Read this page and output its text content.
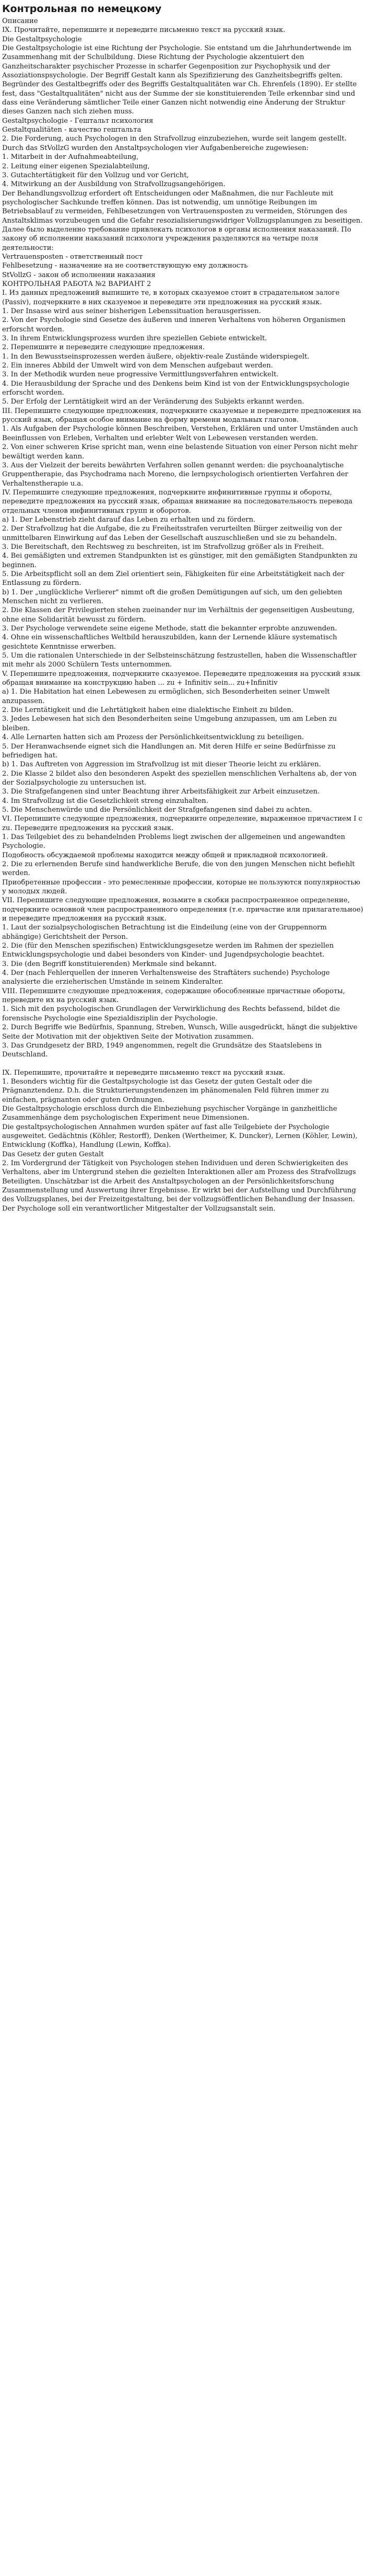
Контрольная по немецкому

Описание

IX. Прочитайте, перепишите и переведите письменно текст на русский язык.

Die Gestaltpsychologie

Die Gestaltpsychologie ist eine Richtung der Psychologie. Sie entstand um die Jahrhundertwende im Zusammenhang mit der Schulbildung. Diese Richtung der Psychologie akzentuiert den Ganzheitscharakter psychischer Prozesse in scharfer Gegenposition zur Psychophysik und der Assoziationspsychologie. Der Begriff Gestalt kann als Spezifizierung des Ganzheitsbegriffs gelten.

Begründer des Gestaltbegriffs oder des Begriffs Gestaltqualitäten war Ch. Ehrenfels (1890). Er stellte fest, dass "Gestaltqualitäten" nicht aus der Summe der sie konstituierenden Teile erkennbar sind und dass eine Veränderung sämtlicher Teile einer Ganzen nicht notwendig eine Änderung der Struktur dieses Ganzen nach sich ziehen muss.

Gestaltpsychologie - Гештальт психология

Gestaltqualitäten - качество гештальта

2. Die Forderung, auch Psychologen in den Strafvollzug einzubeziehen, wurde seit langem gestellt. Durch das StVollzG wurden den Anstaltpsychologen vier Aufgabenbereiche zugewiesen:

1. Mitarbeit in der Aufnahmeabteilung,

2. Leitung einer eigenen Spezialabteilung,

3. Gutachtertätigkeit für den Vollzug und vor Gericht,

4. Mitwirkung an der Ausbildung von Strafvollzugsangehörigen.

Der Behandlungsvollzug erfordert oft Entscheidungen oder Maßnahmen, die nur Fachleute mit psychologischer Sachkunde treffen können. Das ist notwendig, um unnötige Reibungen im Betriebsablauf zu vermeiden, Fehlbesetzungen von Vertrauensposten zu vermeiden, Störungen des Anstaltsklimas vorzubeugen und die Gefahr resozialisierungswidriger Vollzugsplanungen zu beseitigen. Далее было выделенно требование привлекать психологов в органы исполнения наказаний. По закону об исполнении наказаний психологи учреждения разделяются на четыре поля деятельности:

Vertrauensposten - ответственный пост

Fehlbesetzung - назначение на не соответствующую ему должность

StVollzG - закон об исполнении наказания

КОНТРОЛЬНАЯ РАБОТА №2 ВАРИАНТ 2

I. Из данных предложений выпишите те, в которых сказуемое стоит в страдательном залоге (Passiv), подчеркните в них сказуемое и переведите эти предложения на русский язык.

1. Der Insasse wird aus seiner bisherigen Lebenssituation herausgerissen.

2. Von der Psychologie sind Gesetze des äußeren und inneren Verhaltens von höheren Organismen erforscht worden.

3. In ihrem Entwicklungsprozess wurden ihre speziellen Gebiete entwickelt.

2. Перепишите и переведите следующие предложения.

1. In den Bewusstseinsprozessen werden äußere, objektiv-reale Zustände widerspiegelt.

2. Ein inneres Abbild der Umwelt wird von dem Menschen aufgebaut werden.

3. In der Methodik wurden neue progressive Vermittlungsverfahren entwickelt.

4. Die Herausbildung der Sprache und des Denkens beim Kind ist von der Entwicklungspsychologie erforscht worden.

5. Der Erfolg der Lerntätigkeit wird an der Veränderung des Subjekts erkannt werden.

III. Перепишите следующие предложения, подчеркните сказуемые и переведите предложения на русский язык, обращая особое внимание на форму времени модальных глаголов.

1. Als Aufgaben der Psychologie können Beschreiben, Verstehen, Erklären und unter Umständen auch Beeinflussen von Erleben, Verhalten und erlebter Welt von Lebewesen verstanden werden.

2. Von einer schweren Krise spricht man, wenn eine belastende Situation von einer Person nicht mehr bewältigt werden kann.

3. Aus der Vielzeit der bereits bewährten Verfahren sollen genannt werden: die psychoanalytische Gruppentherapie, das Psychodrama nach Moreno, die lernpsychologisch orientierten Verfahren der Verhaltenstherapie u.a.

IV. Перепишите следующие предложения, подчеркните инфинитивные группы и обороты, переведите предложения на русский язык, обращая внимание на последовательность перевода отдельных членов инфинитивных групп и оборотов.

a) 1. Der Lebenstrieb zieht darauf das Leben zu erhalten und zu fördern.

2. Der Strafvollzug hat die Aufgabe, die zu Freiheitsstrafen verurteilten Bürger zeitweilig von der unmittelbaren Einwirkung auf das Leben der Gesellschaft auszuschließen und sie zu behandeln.

3. Die Bereitschaft, den Rechtsweg zu beschreiten, ist im Strafvollzug größer als in Freiheit.

4. Bei gemäßigten und extremen Standpunkten ist es günstiger, mit den gemäßigten Standpunkten zu beginnen.

5. Die Arbeitspflicht soll an dem Ziel orientiert sein, Fähigkeiten für eine Arbeitstätigkeit nach der Entlassung zu fördern.

b) 1. Der „unglückliche Verlierer" nimmt oft die großen Demütigungen auf sich, um den geliebten Menschen nicht zu verlieren.

2. Die Klassen der Privilegierten stehen zueinander nur im Verhältnis der gegenseitigen Ausbeutung, ohne eine Solidarität bewusst zu fördern.

3. Der Psychologe verwendete seine eigene Methode, statt die bekannter erprobte anzuwenden.

4. Ohne ein wissenschaftliches Weltbild herauszubilden, kann der Lernende kläure systematisch gesichtete Kenntnisse erwerben.

5. Um die rationalen Unterschiede in der Selbsteinschätzung festzustellen, haben die Wissenschaftler mit mehr als 2000 Schülern Tests unternommen.

V. Перепишите предложения, подчеркните сказуемое. Переведите предложения на русский язык обращая внимание на конструкцию haben ... zu + Infinitiv sein... zu+Infinitiv

a) 1. Die Habitation hat einen Lebewesen zu ermöglichen, sich Besonderheiten seiner Umwelt anzupassen.

2. Die Lerntätigkeit und die Lehrtätigkeit haben eine dialektische Einheit zu bilden.

3. Jedes Lebewesen hat sich den Besonderheiten seine Umgebung anzupassen, um am Leben zu bleiben.

4. Alle Lernarten hatten sich am Prozess der Persönlichkeitsentwicklung zu beteiligen.

5. Der Heranwachsende eignet sich die Handlungen an. Mit deren Hilfe er seine Bedürfnisse zu befriedigen hat.

b) 1. Das Auftreten von Aggression im Strafvollzug ist mit dieser Theorie leicht zu erklären.

2. Die Klasse 2 bildet also den besonderen Aspekt des speziellen menschlichen Verhaltens ab, der von der Sozialpsychologie zu untersuchen ist.

3. Die Strafgefangenen sind unter Beachtung ihrer Arbeitsfähigkeit zur Arbeit einzusetzen.

4. Im Strafvollzug ist die Gesetzlichkeit streng einzuhalten.

5. Die Menschenwürde und die Persönlichkeit der Strafgefangenen sind dabei zu achten.

VI. Перепишите следующие предложения, подчеркните определение, выраженное причастием I с zu. Переведите предложения на русский язык.

1. Das Teilgebiet des zu behandelnden Problems liegt zwischen der allgemeinen und angewandten Psychologie.

Подобность обсуждаемой проблемы находится между общей и прикладной психологией.

2. Die zu erlernenden Berufe sind handwerkliche Berufe, die von den jungen Menschen nicht befiehlt werden.

Приобретенные профессии - это ремесленные профессии, которые не пользуются популярностью у молодых людей.

VII. Перепишите следующие предложения, возьмите в скобки распространенное определение, подчеркните основной член распространенного определения (т.е. причастие или прилагательное) и переведите предложения на русский язык.

1. Laut der sozialpsychologischen Betrachtung ist die Eindeilung (eine von der Gruppennorm abhängige) Gerichtsheit der Person.

2. Die (für den Menschen spezifischen) Entwicklungsgesetze werden im Rahmen der speziellen Entwicklungspsychologie und dabei besonders von Kinder- und Jugendpsychologie beachtet.

3. Die (den Begriff konstituierenden) Merkmale sind bekannt.

4. Der (nach Fehlerquellen der inneren Verhaltensweise des Straftäters suchende) Psychologe analysierte die erzieherischen Umstände in seinem Kinderalter.

VIII. Перепишите следующие предложения, содержащие обособленные причастные обороты, переведите их на русский язык.

1. Sich mit den psychologischen Grundlagen der Verwirklichung des Rechts befassend, bildet die forensische Psychologie eine Spezialdisziplin der Psychologie.

2. Durch Begriffe wie Bedürfnis, Spannung, Streben, Wunsch, Wille ausgedrückt, hängt die subjektive Seite der Motivation mit der objektiven Seite der Motivation zusammen.

3. Das Grundgesetz der BRD, 1949 angenommen, regelt die Grundsätze des Staatslebens in Deutschland.

IX. Перепишите, прочитайте и переведите письменно текст на русский язык.

1. Besonders wichtig für die Gestaltpsychologie ist das Gesetz der guten Gestalt oder die Prägnanztendenz. D.h. die Strukturierungstendenzen im phänomenalen Feld führen immer zu einfachen, prägnanten oder guten Ordnungen.

Die Gestaltpsychologie erschloss durch die Einbeziehung psychischer Vorgänge in ganzheitliche Zusammenhänge dem psychologischen Experiment neue Dimensionen.

Die gestaltpsychologischen Annahmen wurden später auf fast alle Teilgebiete der Psychologie ausgeweitet. Gedächtnis (Köhler, Restorff), Denken (Wertheimer, K. Duncker), Lernen (Köhler, Lewin), Entwicklung (Koffka), Handlung (Lewin, Koffka).

Das Gesetz der guten Gestalt

2. Im Vordergrund der Tätigkeit von Psychologen stehen Individuen und deren Schwierigkeiten des Verhaltens, aber im Untergrund stehen die gezielten Interaktionen aller am Prozess des Strafvollzugs Beteiligten. Unschätzbar ist die Arbeit des Anstaltpsychologen an der Persönlichkeitsforschung Zusammenstellung und Auswertung ihrer Ergebnisse. Er wirkt bei der Aufstellung und Durchführung des Vollzugsplanes, bei der Freizeitgestaltung, bei der vollzugsöffentlichen Behandlung der Insassen. Der Psychologe soll ein verantwortlicher Mitgestalter der Vollzugsanstalt sein.
